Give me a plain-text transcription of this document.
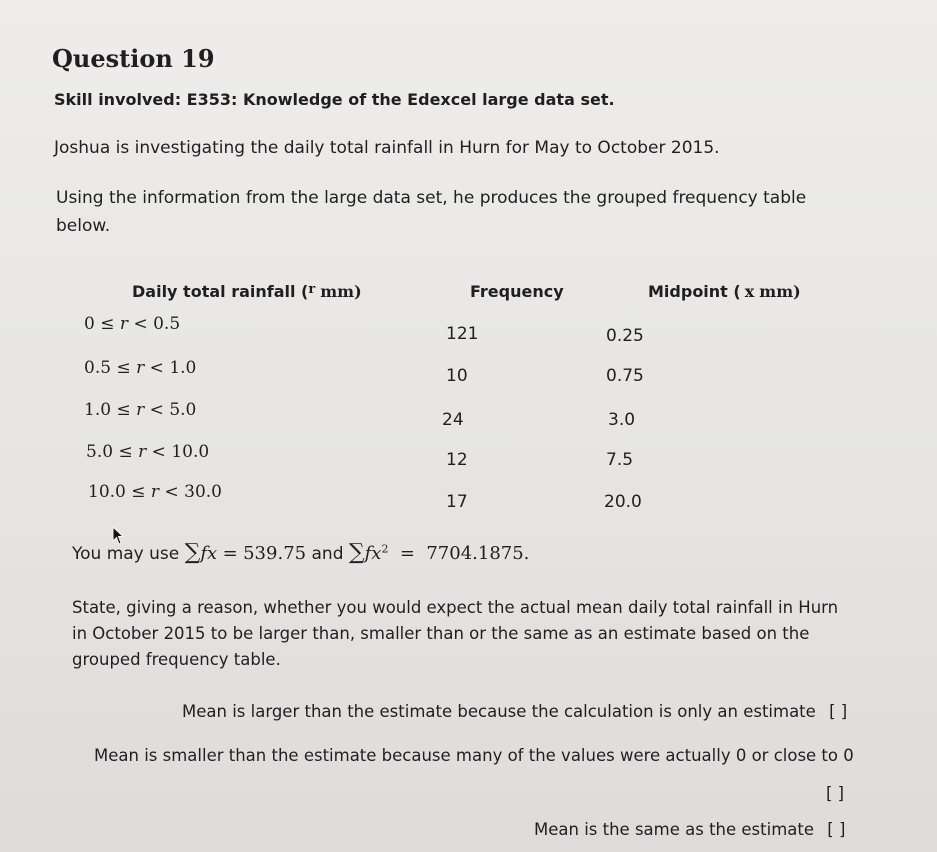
Question 19
Skill involved: E353: Knowledge of the Edexcel large data set.
Joshua is investigating the daily total rainfall in Hurn for May to October 2015.
Using the information from the large data set, he produces the grouped frequency table
below.
Daily total rainfall ($^r$ mm)	Frequency	Midpoint ( x mm)
0 ≤ r < 0.5	121	0.25
0.5 ≤ r < 1.0	10	0.75
1.0 ≤ r < 5.0	24	3.0
5.0 ≤ r < 10.0	12	7.5
10.0 ≤ r < 30.0	17	20.0
You may use ∑fx = 539.75 and $\sum fx^2 = 7704.1875$.
State, giving a reason, whether you would expect the actual mean daily total rainfall in Hurn
in October 2015 to be larger than, smaller than or the same as an estimate based on the
grouped frequency table.
Mean is larger than the estimate because the calculation is only an estimate [ ]
Mean is smaller than the estimate because many of the values were actually 0 or close to 0
[ ]
Mean is the same as the estimate [ ]
